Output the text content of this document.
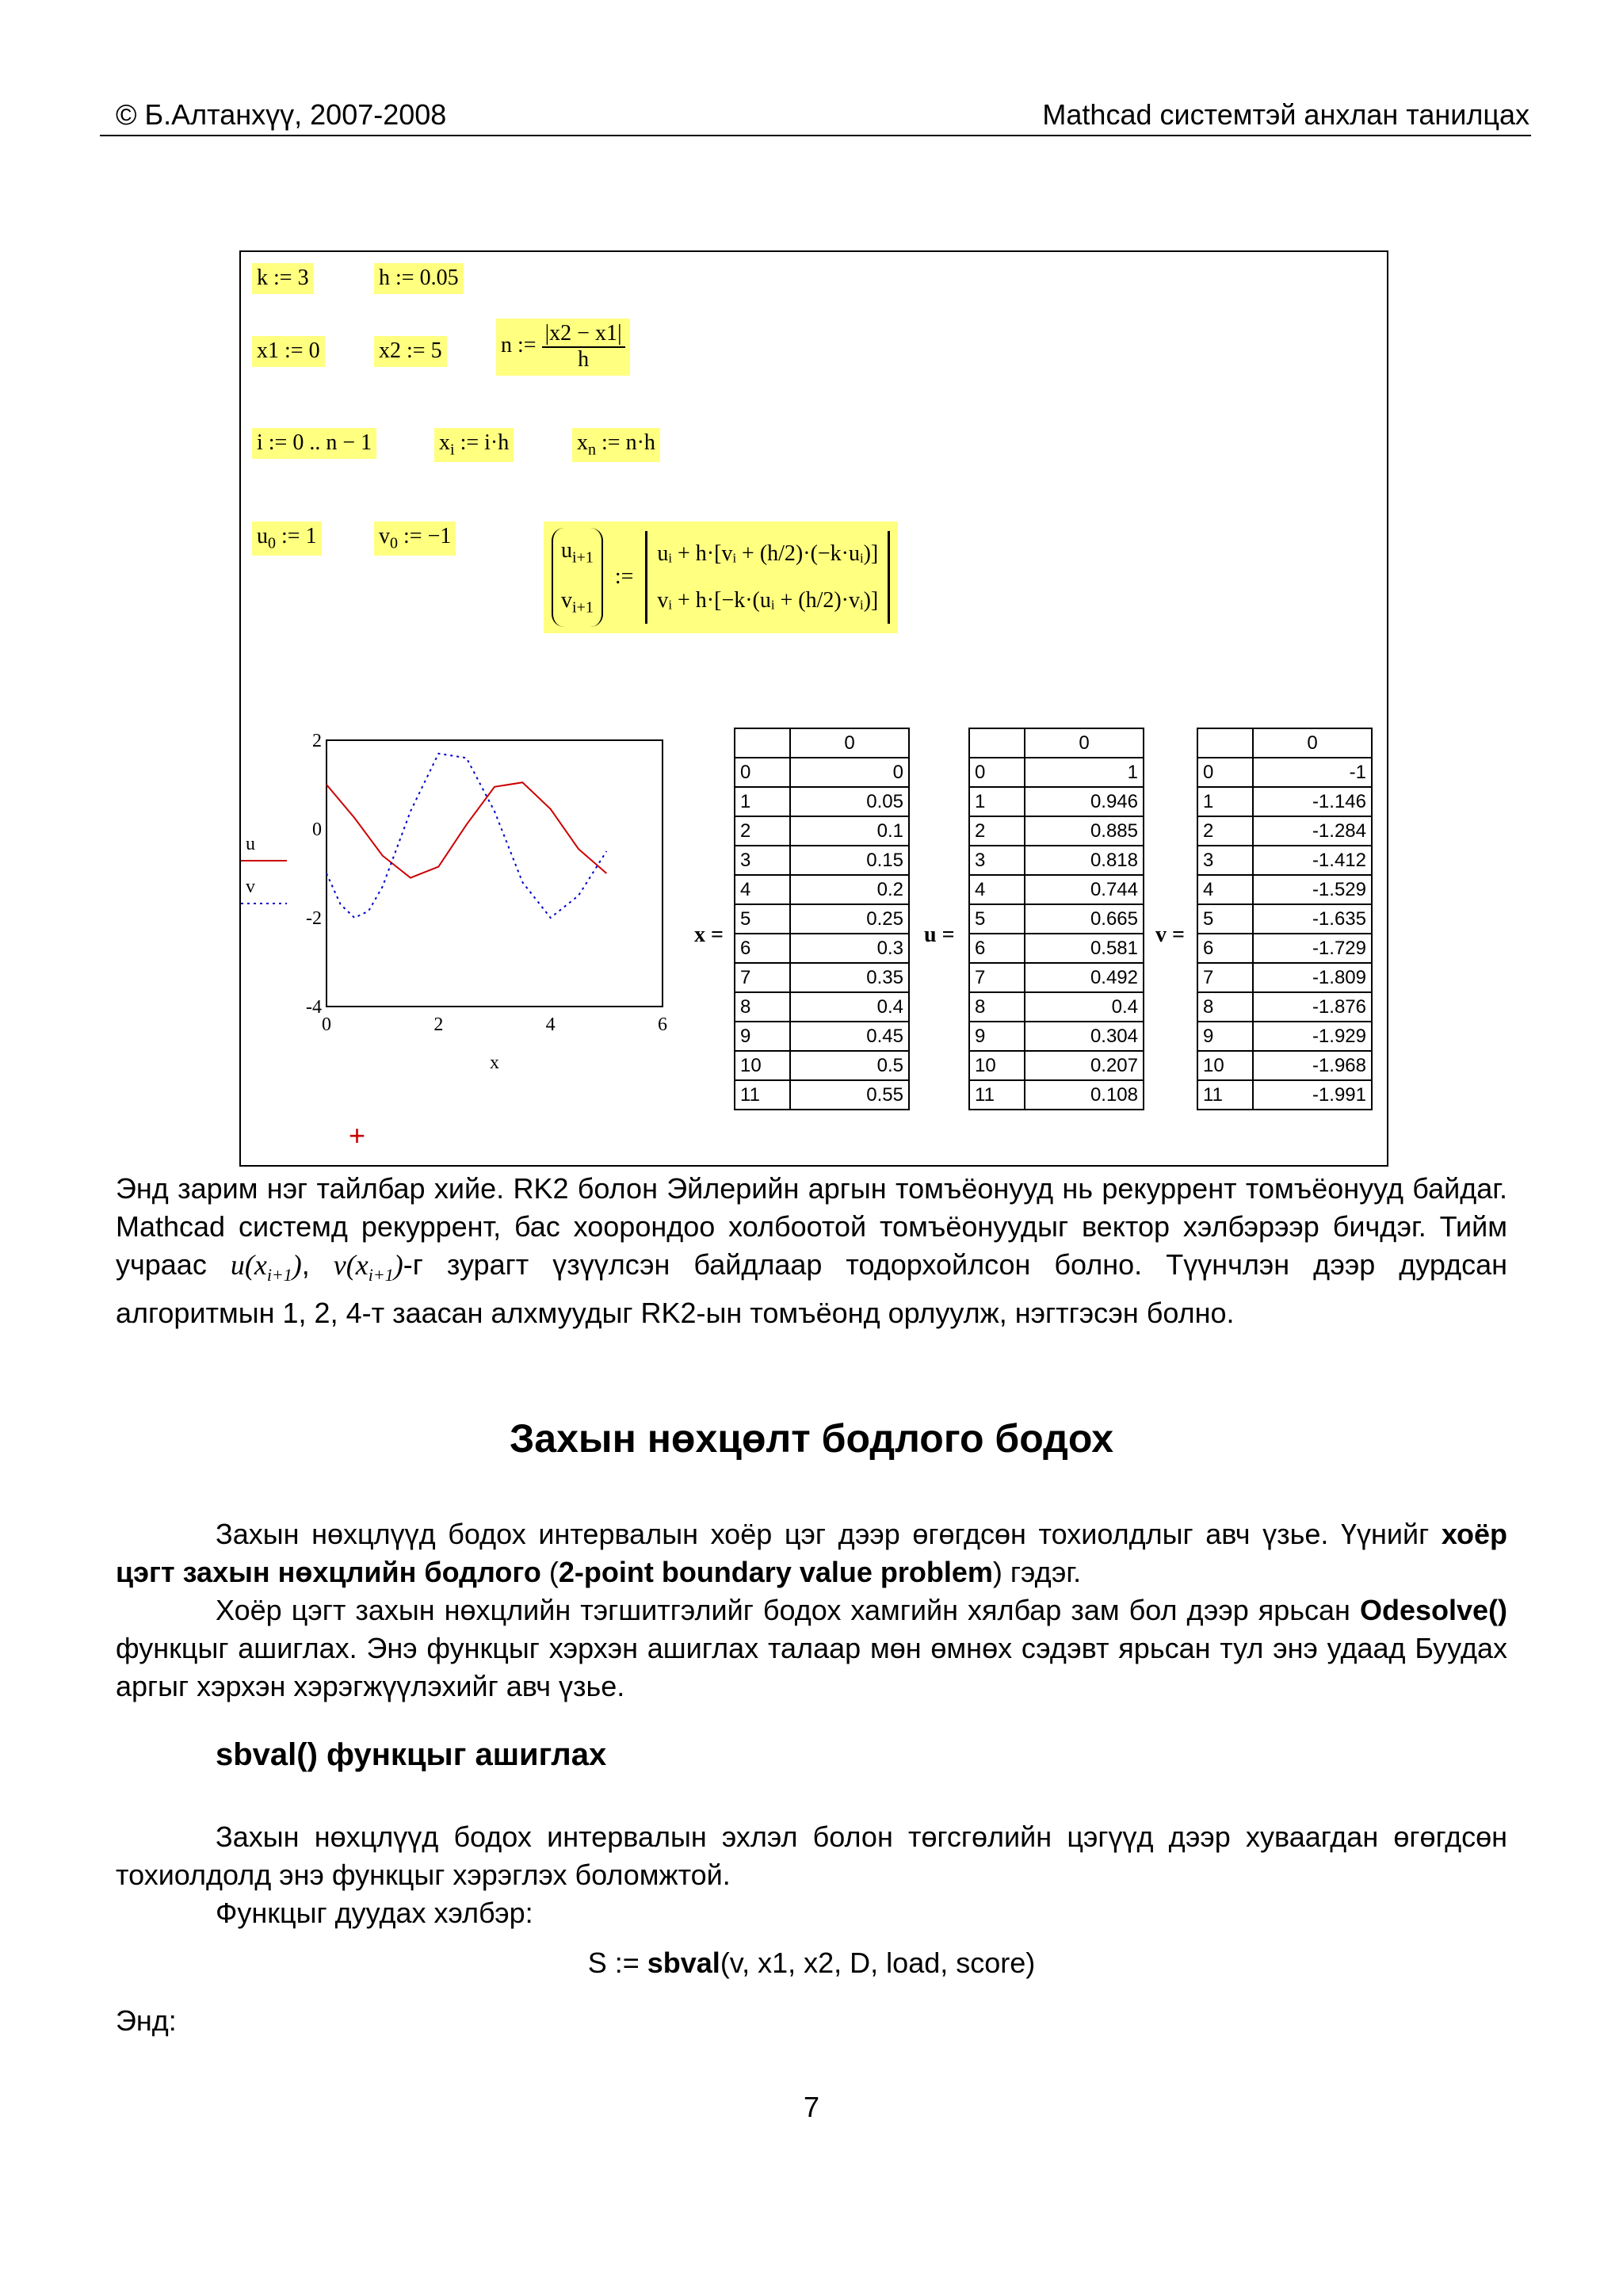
© Б.Алтанхүү, 2007-2008	Mathcad системтэй анхлан танилцах
k := 3	h := 0.05
x1 := 0	x2 := 5	n := $\frac{|x2 - x1|}{h}$
i := 0 .. n − 1	$x_i$ := i·h	$x_n$ := n·h
$u_0$ := 1	$v_0$ := −1
$u_{i+1}$
$v_{i+1}$
:=
uᵢ + h·[vᵢ + (h/2)·(−k·uᵢ)]
vᵢ + h·[−k·(uᵢ + (h/2)·vᵢ)]
+
0	2	4	6
2
0
-2
-4
x
u
v
x =
	0
0	0
1	0.05
2	0.1
3	0.15
4	0.2
5	0.25
6	0.3
7	0.35
8	0.4
9	0.45
10	0.5
11	0.55
u =
	0
0	1
1	0.946
2	0.885
3	0.818
4	0.744
5	0.665
6	0.581
7	0.492
8	0.4
9	0.304
10	0.207
11	0.108
v =
	0
0	-1
1	-1.146
2	-1.284
3	-1.412
4	-1.529
5	-1.635
6	-1.729
7	-1.809
8	-1.876
9	-1.929
10	-1.968
11	-1.991
Энд зарим нэг тайлбар хийе. RK2 болон Эйлерийн аргын томъёонууд нь рекуррент томъёонууд байдаг. Mathcad системд рекуррент, бас хоорондоо холбоотой томъёонуудыг вектор хэлбэрээр бичдэг. Тийм учраас $u(x_{i+1})$, $v(x_{i+1})-г$ зурагт үзүүлсэн байдлаар тодорхойлсон болно. Түүнчлэн дээр дурдсан алгоритмын 1, 2, 4-т заасан алхмуудыг RK2-ын томъёонд орлуулж, нэгтгэсэн болно.
Захын нөхцөлт бодлого бодох
Захын нөхцлүүд бодох интервалын хоёр цэг дээр өгөгдсөн тохиолдлыг авч үзье. Үүнийг хоёр цэгт захын нөхцлийн бодлого (2-point boundary value problem) гэдэг.
Хоёр цэгт захын нөхцлийн тэгшитгэлийг бодох хамгийн хялбар зам бол дээр ярьсан Odesolve() функцыг ашиглах. Энэ функцыг хэрхэн ашиглах талаар мөн өмнөх сэдэвт ярьсан тул энэ удаад Буудах аргыг хэрхэн хэрэгжүүлэхийг авч үзье.
sbval() функцыг ашиглах
Захын нөхцлүүд бодох интервалын эхлэл болон төгсгөлийн цэгүүд дээр хуваагдан өгөгдсөн тохиолдолд энэ функцыг хэрэглэх боломжтой.
Функцыг дуудах хэлбэр:
S := sbval(v, x1, x2, D, load, score)
Энд:
7
